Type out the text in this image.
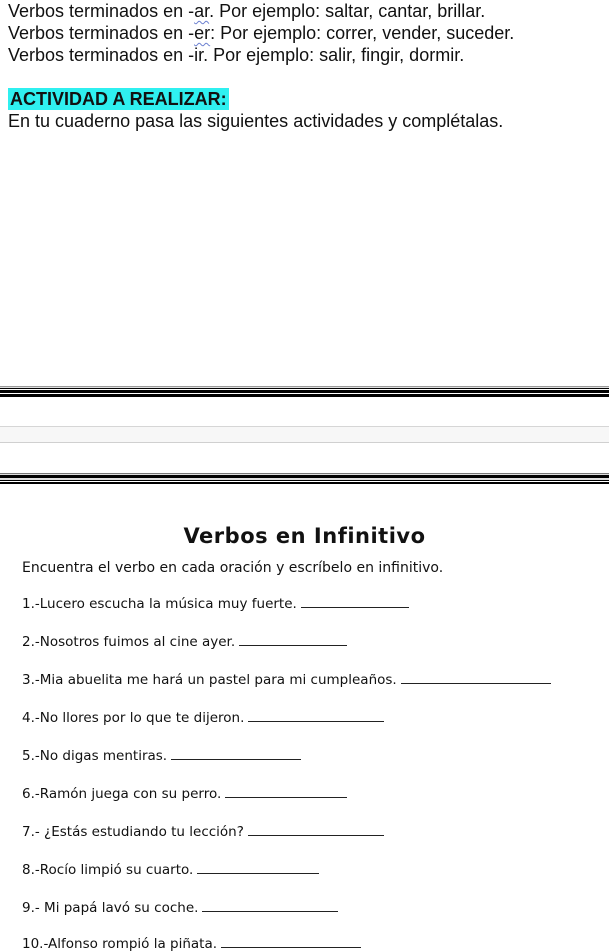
Verbos terminados en -ar. Por ejemplo: saltar, cantar, brillar.

Verbos terminados en -er: Por ejemplo: correr, vender, suceder.

Verbos terminados en -ir. Por ejemplo: salir, fingir, dormir.

ACTIVIDAD A REALIZAR:

En tu cuaderno pasa las siguientes actividades y complétalas.

Verbos en Infinitivo
Encuentra el verbo en cada oración y escríbelo en infinitivo.
1.-Lucero escucha la música muy fuerte.
2.-Nosotros fuimos al cine ayer.
3.-Mia abuelita me hará un pastel para mi cumpleaños.
4.-No llores por lo que te dijeron.
5.-No digas mentiras.
6.-Ramón juega con su perro.
7.- ¿Estás estudiando tu lección?
8.-Rocío limpió su cuarto.
9.- Mi papá lavó su coche.
10.-Alfonso rompió la piñata.
